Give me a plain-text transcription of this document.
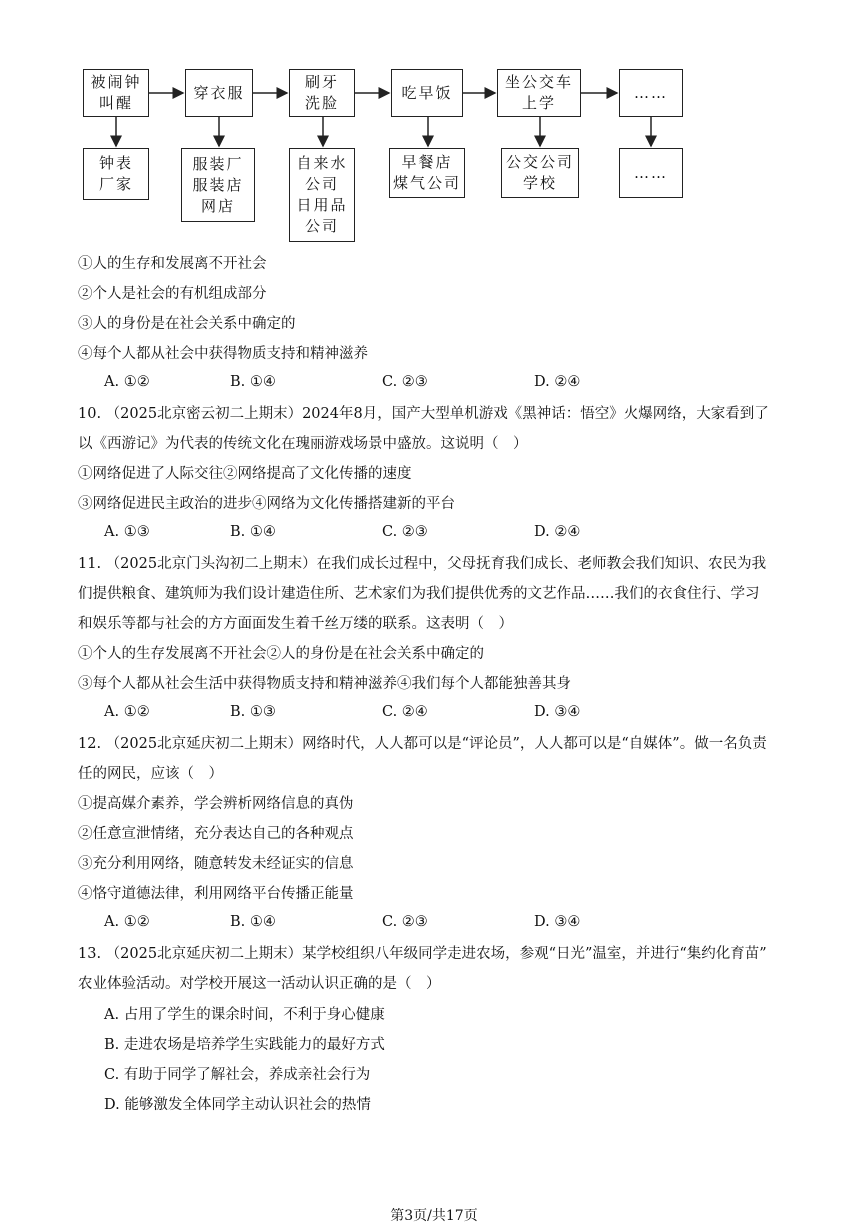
被闹钟
叫醒
穿衣服
刷牙
洗脸
吃早饭
坐公交车
上学
……
钟表
厂家
服装厂
服装店
网店
自来水
公司
日用品
公司
早餐店
煤气公司
公交公司
学校
……
①人的生存和发展离不开社会
②个人是社会的有机组成部分
③人的身份是在社会关系中确定的
④每个人都从社会中获得物质支持和精神滋养
A. ①②	B. ①④	C. ②③	D. ②④
10. （2025北京密云初二上期末）2024年8月，国产大型单机游戏《黑神话：悟空》火爆网络，大家看到了
以《西游记》为代表的传统文化在瑰丽游戏场景中盛放。这说明（　）
①网络促进了人际交往②网络提高了文化传播的速度
③网络促进民主政治的进步④网络为文化传播搭建新的平台
A. ①③	B. ①④	C. ②③	D. ②④
11. （2025北京门头沟初二上期末）在我们成长过程中，父母抚育我们成长、老师教会我们知识、农民为我
们提供粮食、建筑师为我们设计建造住所、艺术家们为我们提供优秀的文艺作品……我们的衣食住行、学习
和娱乐等都与社会的方方面面发生着千丝万缕的联系。这表明（　）
①个人的生存发展离不开社会②人的身份是在社会关系中确定的
③每个人都从社会生活中获得物质支持和精神滋养④我们每个人都能独善其身
A. ①②	B. ①③	C. ②④	D. ③④
12. （2025北京延庆初二上期末）网络时代，人人都可以是“评论员”，人人都可以是“自媒体”。做一名负责
任的网民，应该（　）
①提高媒介素养，学会辨析网络信息的真伪
②任意宣泄情绪，充分表达自己的各种观点
③充分利用网络，随意转发未经证实的信息
④恪守道德法律，利用网络平台传播正能量
A. ①②	B. ①④	C. ②③	D. ③④
13. （2025北京延庆初二上期末）某学校组织八年级同学走进农场，参观“日光”温室，并进行“集约化育苗”
农业体验活动。对学校开展这一活动认识正确的是（　）
A. 占用了学生的课余时间，不利于身心健康
B. 走进农场是培养学生实践能力的最好方式
C. 有助于同学了解社会，养成亲社会行为
D. 能够激发全体同学主动认识社会的热情
第3页/共17页
